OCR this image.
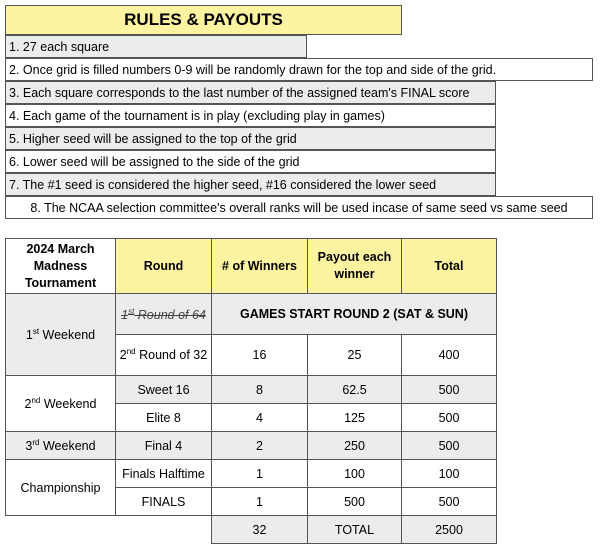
RULES & PAYOUTS
1. 27 each square
2. Once grid is filled numbers 0-9 will be randomly drawn for the top and side of the grid.
3. Each square corresponds to the last number of the assigned team's FINAL score
4. Each game of the tournament is in play (excluding play in games)
5. Higher seed will be assigned to the top of the grid
6. Lower seed will be assigned to the side of the grid
7. The #1 seed is considered the higher seed, #16 considered the lower seed
8. The NCAA selection committee's overall ranks will be used incase of same seed vs same seed
2024 March Madness Tournament	Round	# of Winners	Payout each winner	Total
1st Weekend	1st Round of 64	GAMES START ROUND 2 (SAT & SUN)		
	2nd Round of 32	16	25	400
2nd Weekend	Sweet 16	8	62.5	500
	Elite 8	4	125	500
3rd Weekend	Final 4	2	250	500
Championship	Finals Halftime	1	100	100
	FINALS	1	500	500
		32	TOTAL	2500
